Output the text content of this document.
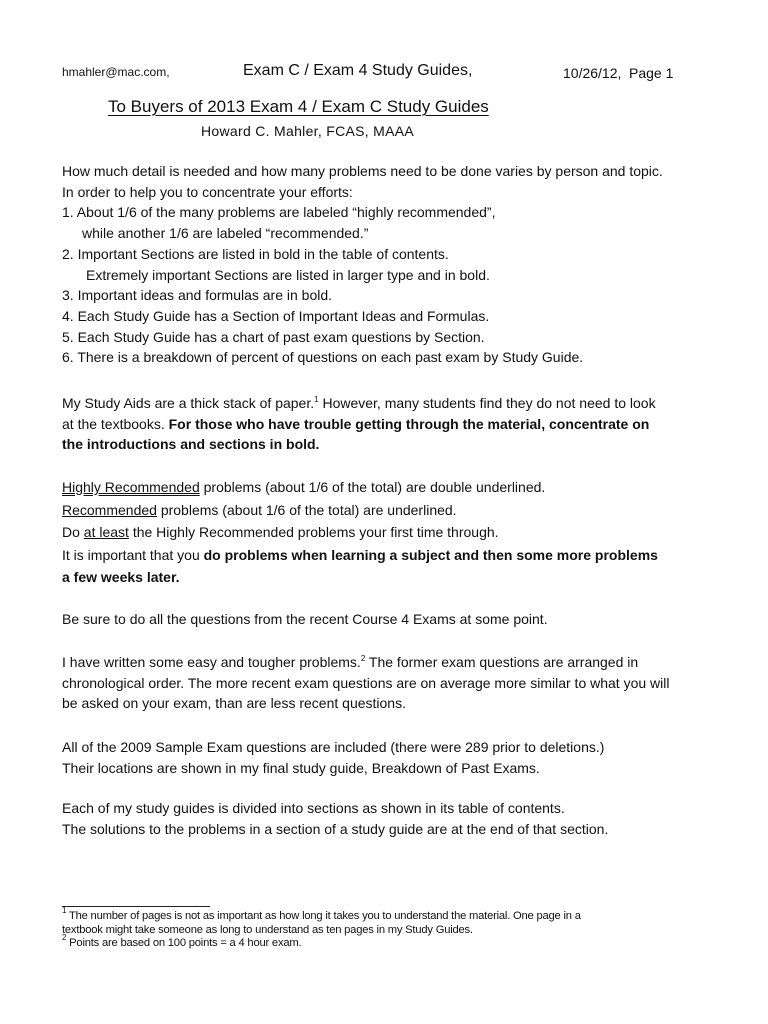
hmahler@mac.com,	Exam C / Exam 4 Study Guides,	10/26/12, Page 1
To Buyers of 2013 Exam 4 / Exam C Study Guides
Howard C. Mahler, FCAS, MAAA
How much detail is needed and how many problems need to be done varies by person and topic.
In order to help you to concentrate your efforts:
1. About 1/6 of the many problems are labeled “highly recommended”,
while another 1/6 are labeled “recommended.”
2. Important Sections are listed in bold in the table of contents.
Extremely important Sections are listed in larger type and in bold.
3. Important ideas and formulas are in bold.
4. Each Study Guide has a Section of Important Ideas and Formulas.
5. Each Study Guide has a chart of past exam questions by Section.
6. There is a breakdown of percent of questions on each past exam by Study Guide.
My Study Aids are a thick stack of paper.$^1$ However, many students find they do not need to look
at the textbooks. For those who have trouble getting through the material, concentrate on
the introductions and sections in bold.
Highly Recommended problems (about 1/6 of the total) are double underlined.
Recommended problems (about 1/6 of the total) are underlined.
Do at least the Highly Recommended problems your first time through.
It is important that you do problems when learning a subject and then some more problems
a few weeks later.
Be sure to do all the questions from the recent Course 4 Exams at some point.
I have written some easy and tougher problems.$^2$ The former exam questions are arranged in
chronological order. The more recent exam questions are on average more similar to what you will
be asked on your exam, than are less recent questions.
All of the 2009 Sample Exam questions are included (there were 289 prior to deletions.)
Their locations are shown in my final study guide, Breakdown of Past Exams.
Each of my study guides is divided into sections as shown in its table of contents.
The solutions to the problems in a section of a study guide are at the end of that section.
$^1$ The number of pages is not as important as how long it takes you to understand the material. One page in a
textbook might take someone as long to understand as ten pages in my Study Guides.
$^2$ Points are based on 100 points = a 4 hour exam.
